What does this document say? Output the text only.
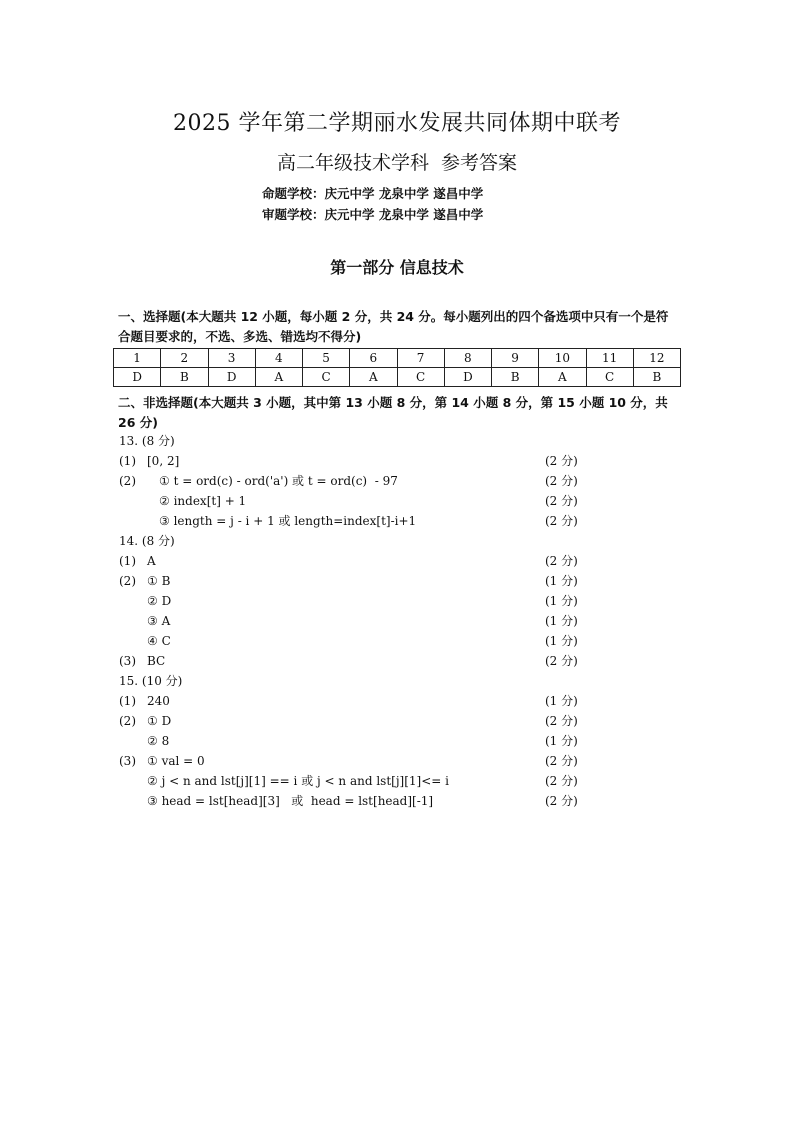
2025 学年第二学期丽水发展共同体期中联考
高二年级技术学科 参考答案
命题学校：庆元中学 龙泉中学 遂昌中学
审题学校：庆元中学 龙泉中学 遂昌中学
第一部分 信息技术
一、选择题(本大题共 12 小题，每小题 2 分，共 24 分。每小题列出的四个备选项中只有一个是符合题目要求的，不选、多选、错选均不得分)
1	2	3	4	5	6	7	8	9	10	11	12
D	B	D	A	C	A	C	D	B	A	C	B
二、非选择题(本大题共 3 小题，其中第 13 小题 8 分，第 14 小题 8 分，第 15 小题 10 分，共 26 分)
13. (8 分)
(1) [0, 2]	(2 分)
(2) ① t = ord(c) - ord('a') 或 t = ord(c)  - 97	(2 分)
② index[t] + 1	(2 分)
③ length = j - i + 1 或 length=index[t]-i+1	(2 分)
14. (8 分)
(1) A	(2 分)
(2) ① B	(1 分)
② D	(1 分)
③ A	(1 分)
④ C	(1 分)
(3) BC	(2 分)
15. (10 分)
(1) 240	(1 分)
(2) ① D	(2 分)
② 8	(1 分)
(3) ① val = 0	(2 分)
② j < n and lst[j][1] == i 或 j < n and lst[j][1]<= i	(2 分)
③ head = lst[head][3]   或  head = lst[head][-1]	(2 分)
